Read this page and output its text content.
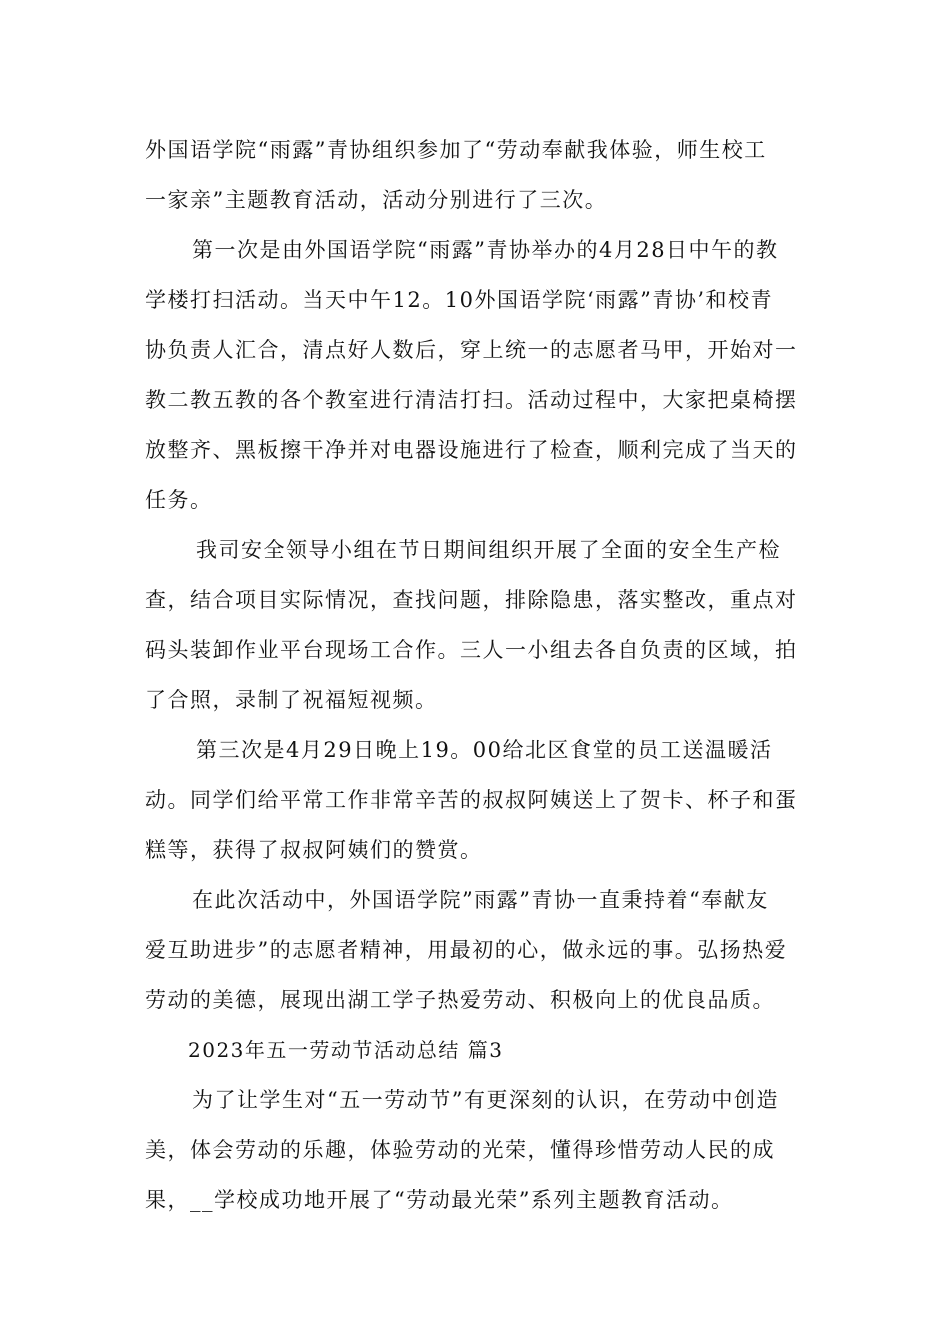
外国语学院“雨露”青协组织参加了“劳动奉献我体验，师生校工
一家亲”主题教育活动，活动分别进行了三次。
第一次是由外国语学院“雨露”青协举办的4月28日中午的教
学楼打扫活动。当天中午12。10外国语学院‘雨露”青协’和校青
协负责人汇合，清点好人数后，穿上统一的志愿者马甲，开始对一
教二教五教的各个教室进行清洁打扫。活动过程中，大家把桌椅摆
放整齐、黑板擦干净并对电器设施进行了检查，顺利完成了当天的
任务。
我司安全领导小组在节日期间组织开展了全面的安全生产检
查，结合项目实际情况，查找问题，排除隐患，落实整改，重点对
码头装卸作业平台现场工合作。三人一小组去各自负责的区域，拍
了合照，录制了祝福短视频。
第三次是4月29日晚上19。00给北区食堂的员工送温暖活
动。同学们给平常工作非常辛苦的叔叔阿姨送上了贺卡、杯子和蛋
糕等，获得了叔叔阿姨们的赞赏。
在此次活动中，外国语学院”雨露”青协一直秉持着“奉献友
爱互助进步”的志愿者精神，用最初的心，做永远的事。弘扬热爱
劳动的美德，展现出湖工学子热爱劳动、积极向上的优良品质。
2023年五一劳动节活动总结 篇3
为了让学生对“五一劳动节”有更深刻的认识，在劳动中创造
美，体会劳动的乐趣，体验劳动的光荣，懂得珍惜劳动人民的成
果，__学校成功地开展了“劳动最光荣”系列主题教育活动。
